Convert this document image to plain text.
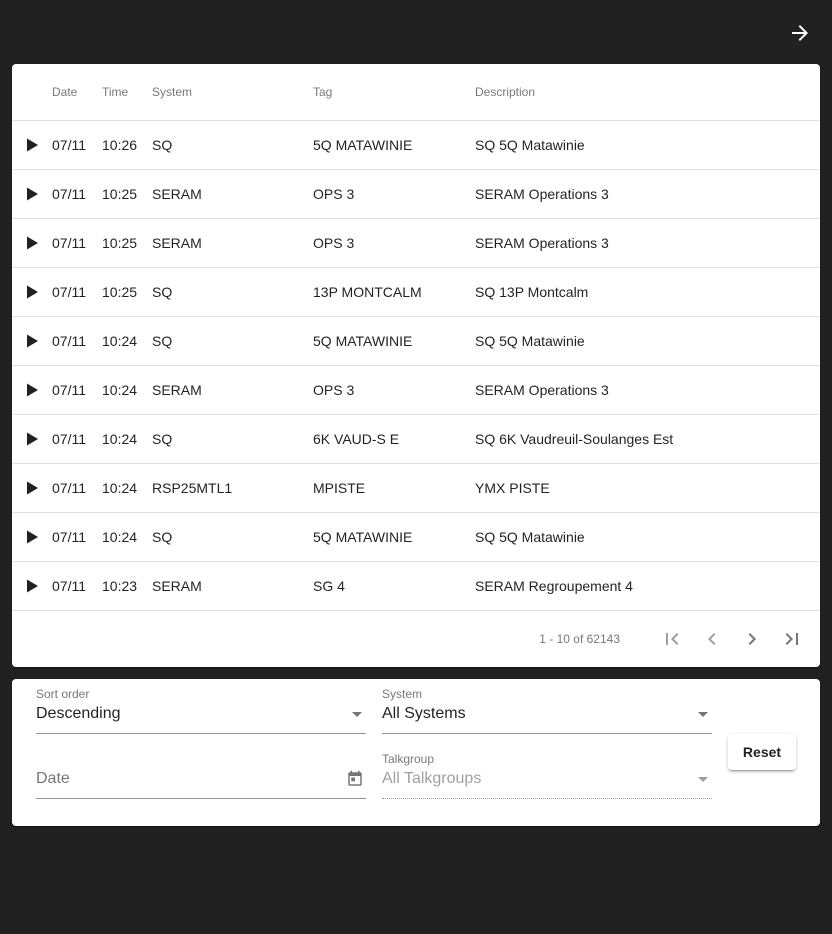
	Date	Time	System	Tag	Description

	07/11	10:26	SQ	5Q MATAWINIE	SQ 5Q Matawinie

	07/11	10:25	SERAM	OPS 3	SERAM Operations 3

	07/11	10:25	SERAM	OPS 3	SERAM Operations 3

	07/11	10:25	SQ	13P MONTCALM	SQ 13P Montcalm

	07/11	10:24	SQ	5Q MATAWINIE	SQ 5Q Matawinie

	07/11	10:24	SERAM	OPS 3	SERAM Operations 3

	07/11	10:24	SQ	6K VAUD-S E	SQ 6K Vaudreuil-Soulanges Est

	07/11	10:24	RSP25MTL1	MPISTE	YMX PISTE

	07/11	10:24	SQ	5Q MATAWINIE	SQ 5Q Matawinie

	07/11	10:23	SERAM	SG 4	SERAM Regroupement 4
1 - 10 of 62143
Sort order
Descending
System
All Systems
Date
Talkgroup
All Talkgroups
Reset
